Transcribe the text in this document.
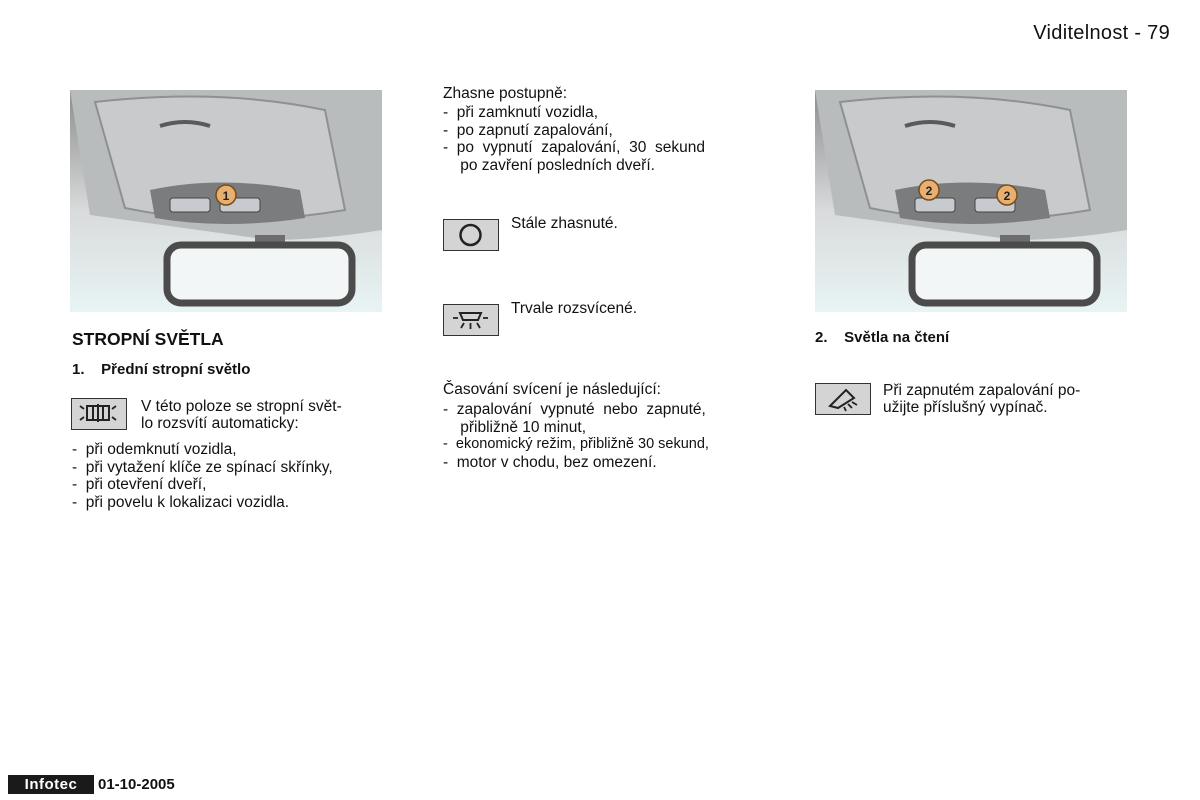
Viditelnost - 79
1
STROPNÍ SVĚTLA
1.    Přední stropní světlo
V této poloze se stropní svět-
lo rozsvítí automaticky:
-  při odemknutí vozidla,
-  při vytažení klíče ze spínací skřínky,
-  při otevření dveří,
-  při povelu k lokalizaci vozidla.
Zhasne postupně:
-  při zamknutí vozidla,
-  po zapnutí zapalování,
-  po  vypnutí  zapalování,  30  sekund
po zavření posledních dveří.
Stále zhasnuté.
Trvale rozsvícené.
Časování svícení je následující:
-  zapalování  vypnuté  nebo  zapnuté,
přibližně 10 minut,
-  ekonomický režim, přibližně 30 sekund,
-  motor v chodu, bez omezení.
2	2
2.    Světla na čtení
Při zapnutém zapalování po-
užijte příslušný vypínač.
Infotec	01-10-2005
